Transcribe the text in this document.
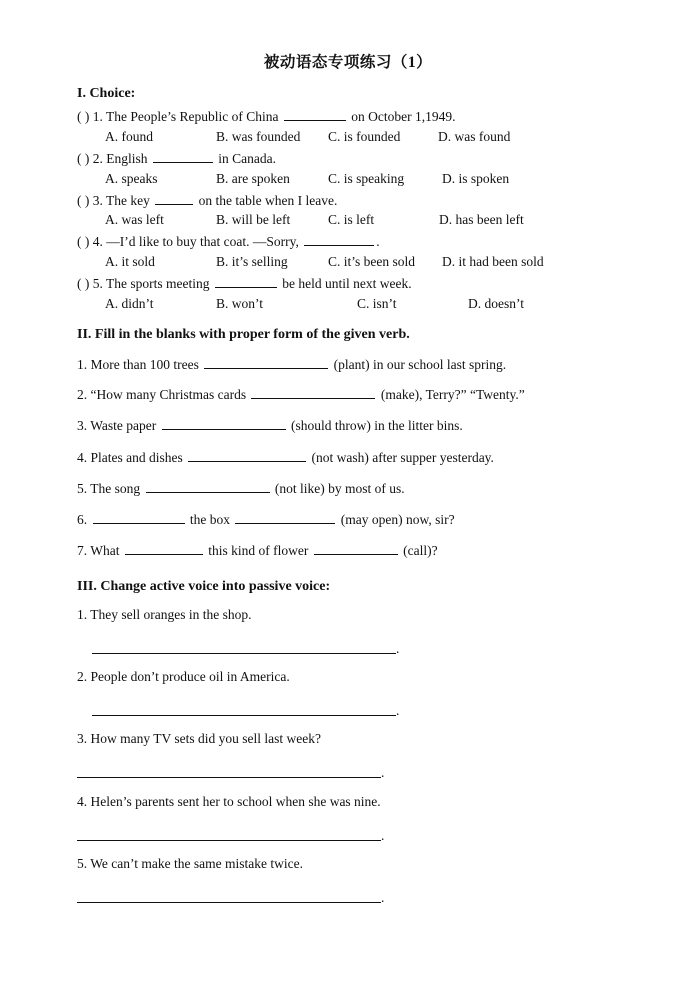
被动语态专项练习（1）
I. Choice:
( ) 1. The People’s Republic of China	on October 1,1949.
A. found	B. was founded C. is founded	D. was found
( ) 2. English	in Canada.
A. speaks	B. are spoken	C. is speaking	D. is spoken
( ) 3. The key	on the table when I leave.
A. was left	B. will be left	C. is left	D. has been left
( ) 4. —I’d like to buy that coat. —Sorry,	.
A. it sold	B. it’s selling	C. it’s been sold D. it had been sold
( ) 5. The sports meeting	be held until next week.
A. didn’t	B. won’t	C. isn’t	D. doesn’t
II. Fill in the blanks with proper form of the given verb.
1. More than 100 trees	(plant) in our school last spring.
2. “How many Christmas cards	(make), Terry?” “Twenty.”
3. Waste paper	(should throw) in the litter bins.
4. Plates and dishes	(not wash) after supper yesterday.
5. The song	(not like) by most of us.
6.	the box	(may open) now, sir?
7. What	this kind of flower	(call)?
III. Change active voice into passive voice:
1. They sell oranges in the shop.
.
2. People don’t produce oil in America.
.
3. How many TV sets did you sell last week?
.
4. Helen’s parents sent her to school when she was nine.
.
5. We can’t make the same mistake twice.
.
